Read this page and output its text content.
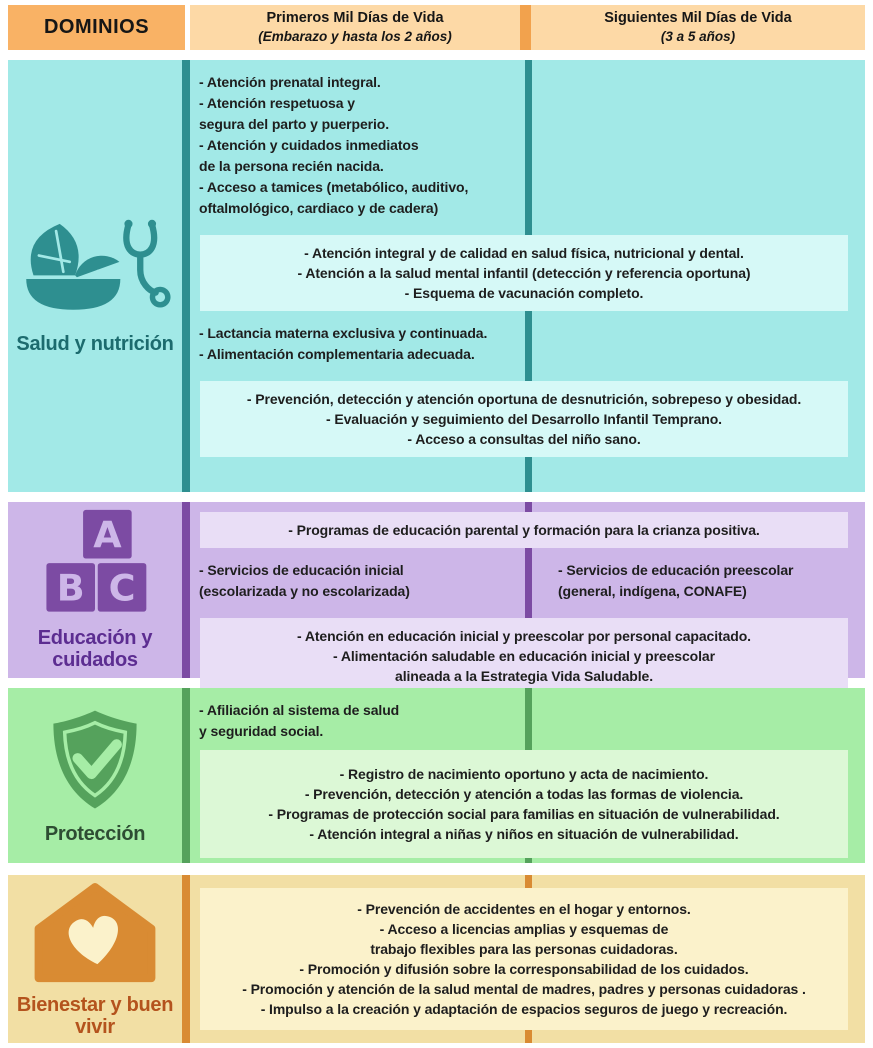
DOMINIOS	Primeros Mil Días de Vida
(Embarazo y hasta los 2 años)
Siguientes Mil Días de Vida
(3 a 5 años)
Salud y nutrición
- Atención prenatal integral.
- Atención respetuosa y
segura del parto y puerperio.
- Atención y cuidados inmediatos
de la persona recién nacida.
- Acceso a tamices (metabólico, auditivo,
oftalmológico, cardiaco y de cadera)
- Atención integral y de calidad en salud física, nutricional y dental.
- Atención a la salud mental infantil (detección y referencia oportuna)
- Esquema de vacunación completo.
- Lactancia materna exclusiva y continuada.
- Alimentación complementaria adecuada.
- Prevención, detección y atención oportuna de desnutrición, sobrepeso y obesidad.
- Evaluación y seguimiento del Desarrollo Infantil Temprano.
- Acceso a consultas del niño sano.
A
B C
Educación y cuidados
- Programas de educación parental y formación para la crianza positiva.
- Servicios de educación inicial
(escolarizada y no escolarizada)
- Servicios de educación preescolar
(general, indígena, CONAFE)
- Atención en educación inicial y preescolar por personal capacitado.
- Alimentación saludable en educación inicial y preescolar
alineada a la Estrategia Vida Saludable.
Protección
- Afiliación al sistema de salud
y seguridad social.
- Registro de nacimiento oportuno y acta de nacimiento.
- Prevención, detección y atención a todas las formas de violencia.
- Programas de protección social para familias en situación de vulnerabilidad.
- Atención integral a niñas y niños en situación de vulnerabilidad.
Bienestar y buen vivir
- Prevención de accidentes en el hogar y entornos.
- Acceso a licencias amplias y esquemas de
trabajo flexibles para las personas cuidadoras.
- Promoción y difusión sobre la corresponsabilidad de los cuidados.
- Promoción y atención de la salud mental de madres, padres y personas cuidadoras .
- Impulso a la creación y adaptación de espacios seguros de juego y recreación.
